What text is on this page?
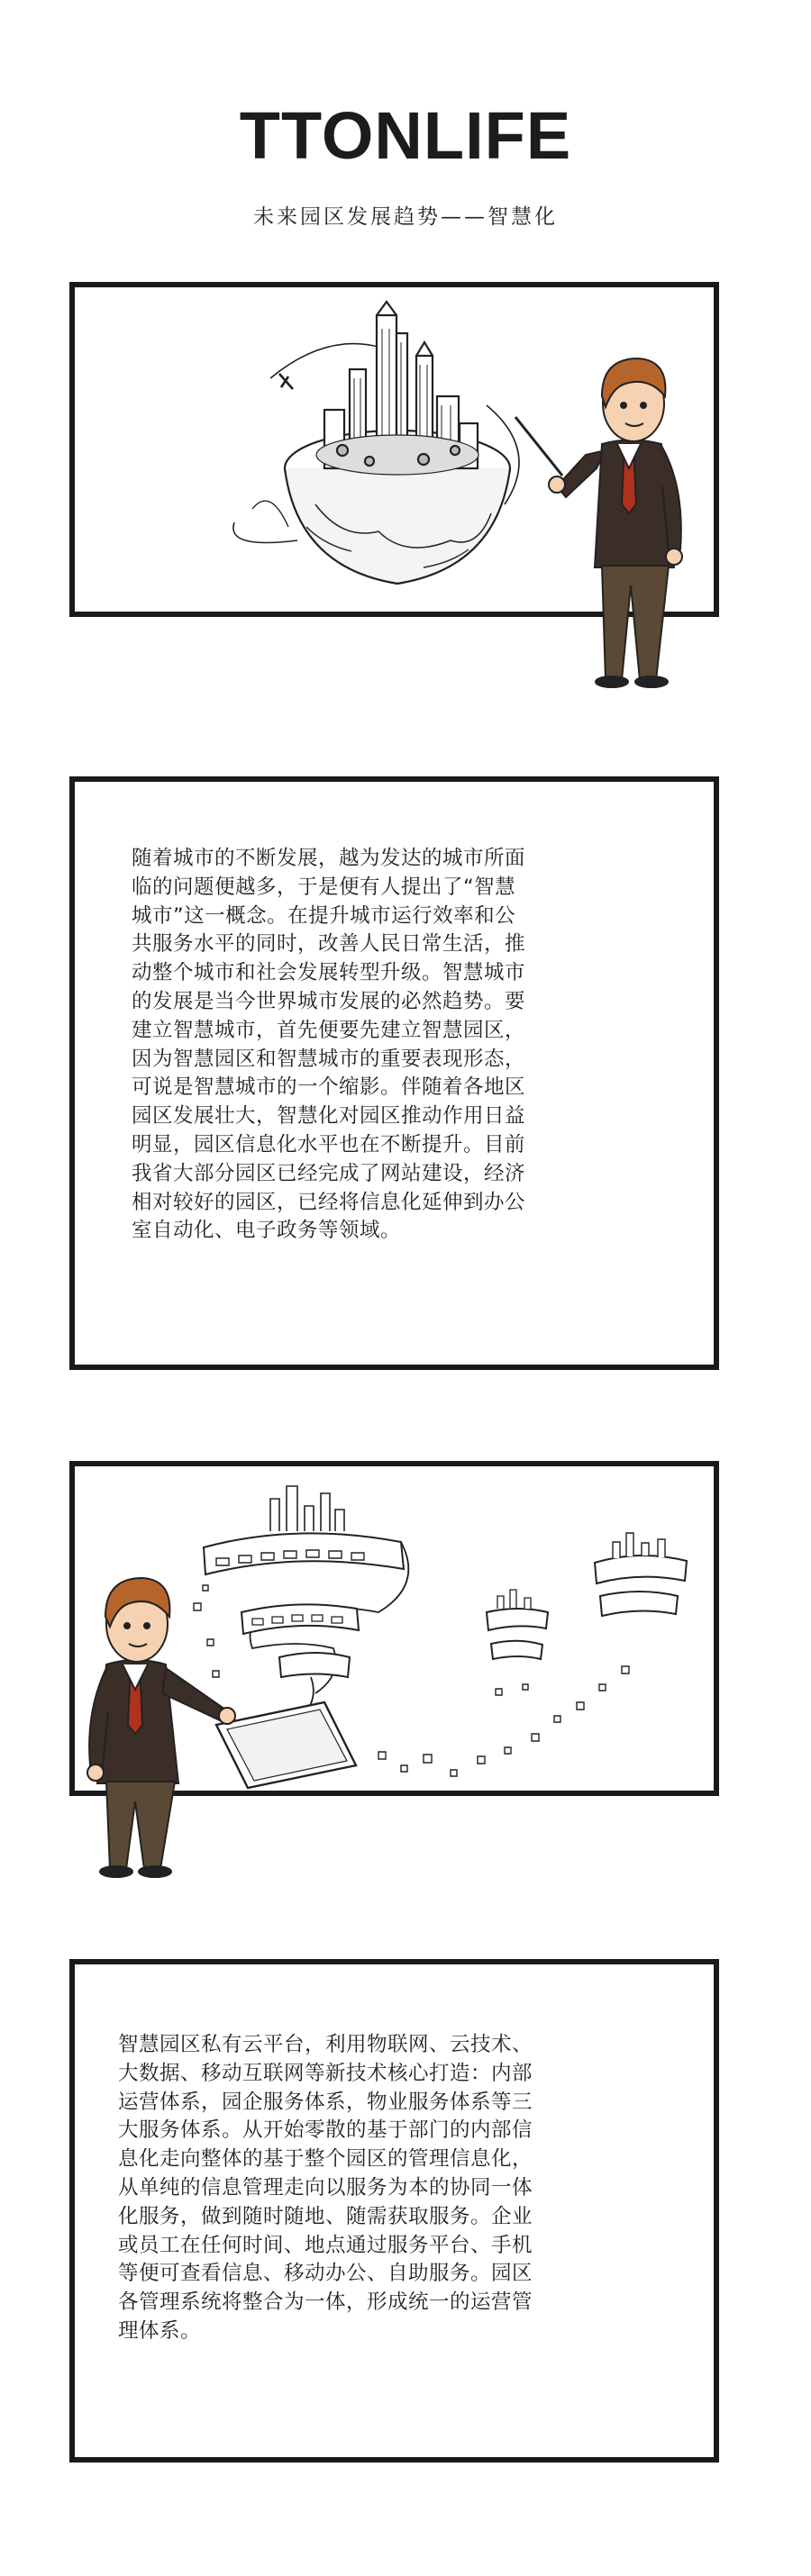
TTONLIFE
未来园区发展趋势——智慧化
随着城市的不断发展，越为发达的城市所面
临的问题便越多，于是便有人提出了“智慧
城市”这一概念。在提升城市运行效率和公
共服务水平的同时，改善人民日常生活，推
动整个城市和社会发展转型升级。智慧城市
的发展是当今世界城市发展的必然趋势。要
建立智慧城市，首先便要先建立智慧园区，
因为智慧园区和智慧城市的重要表现形态，
可说是智慧城市的一个缩影。伴随着各地区
园区发展壮大，智慧化对园区推动作用日益
明显，园区信息化水平也在不断提升。目前
我省大部分园区已经完成了网站建设，经济
相对较好的园区，已经将信息化延伸到办公
室自动化、电子政务等领域。
智慧园区私有云平台，利用物联网、云技术、
大数据、移动互联网等新技术核心打造：内部
运营体系，园企服务体系，物业服务体系等三
大服务体系。从开始零散的基于部门的内部信
息化走向整体的基于整个园区的管理信息化，
从单纯的信息管理走向以服务为本的协同一体
化服务，做到随时随地、随需获取服务。企业
或员工在任何时间、地点通过服务平台、手机
等便可查看信息、移动办公、自助服务。园区
各管理系统将整合为一体，形成统一的运营管
理体系。
